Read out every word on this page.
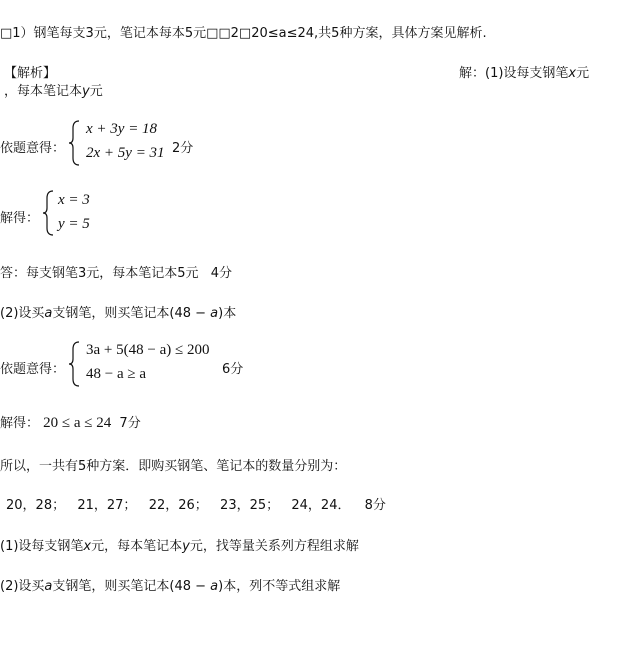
□1）钢笔每支3元，笔记本每本5元□□2□20≤a≤24,共5种方案，具体方案见解析.
【解析】	解：(1)设每支钢笔x元
，每本笔记本y元
依题意得：
x + 3y = 18
2x + 5y = 31 2分
解得：
x = 3
y = 5
答：每支钢笔3元，每本笔记本5元 4分
(2)设买a支钢笔，则买笔记本(48 − a)本
依题意得：
3a + 5(48 − a) ≤ 200
48 − a ≥ a	6分
解得： 20 ≤ a ≤ 24 7分
所以，一共有5种方案．即购买钢笔、笔记本的数量分别为：
20，28；  21，27；  22，26；  23，25；  24，24． 8分
(1)设每支钢笔x元，每本笔记本y元，找等量关系列方程组求解
(2)设买a支钢笔，则买笔记本(48 − a)本，列不等式组求解
